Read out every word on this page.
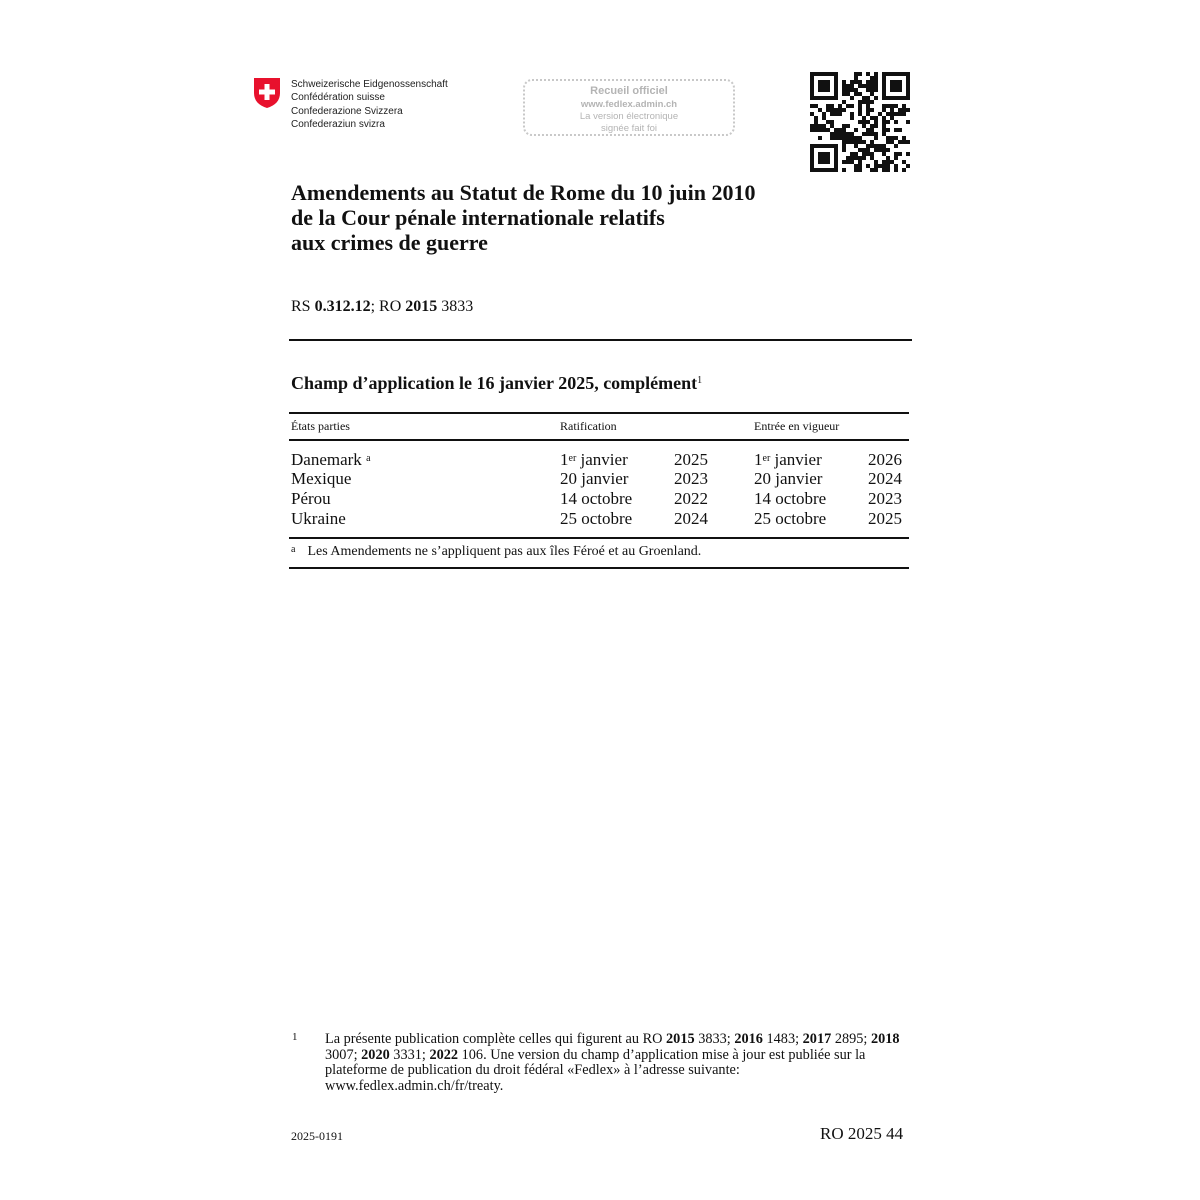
Schweizerische Eidgenossenschaft
Confédération suisse
Confederazione Svizzera
Confederaziun svizra
Recueil officiel
www.fedlex.admin.ch
La version électronique
signée fait foi
Amendements au Statut de Rome du 10 juin 2010
de la Cour pénale internationale relatifs
aux crimes de guerre
RS 0.312.12; RO 2015 3833
Champ d’application le 16 janvier 2025, complément$^1$
États parties	Ratification	Entrée en vigueur
Danemark $^a$	1er janvier	2025	1er janvier	2026
Mexique	20 janvier	2023	20 janvier	2024
Pérou	14 octobre 2022	14 octobre 2023
Ukraine	25 octobre 2024	25 octobre 2025
$^a$ Les Amendements ne s’appliquent pas aux îles Féroé et au Groenland.
1 La présente publication complète celles qui figurent au RO 2015 3833; 2016 1483; 2017 2895; 2018 3007; 2020 3331; 2022 106. Une version du champ d’application mise à jour est publiée sur la plateforme de publication du droit fédéral «Fedlex» à l’adresse suivante: www.fedlex.admin.ch/fr/treaty.
2025-0191	RO 2025 44
